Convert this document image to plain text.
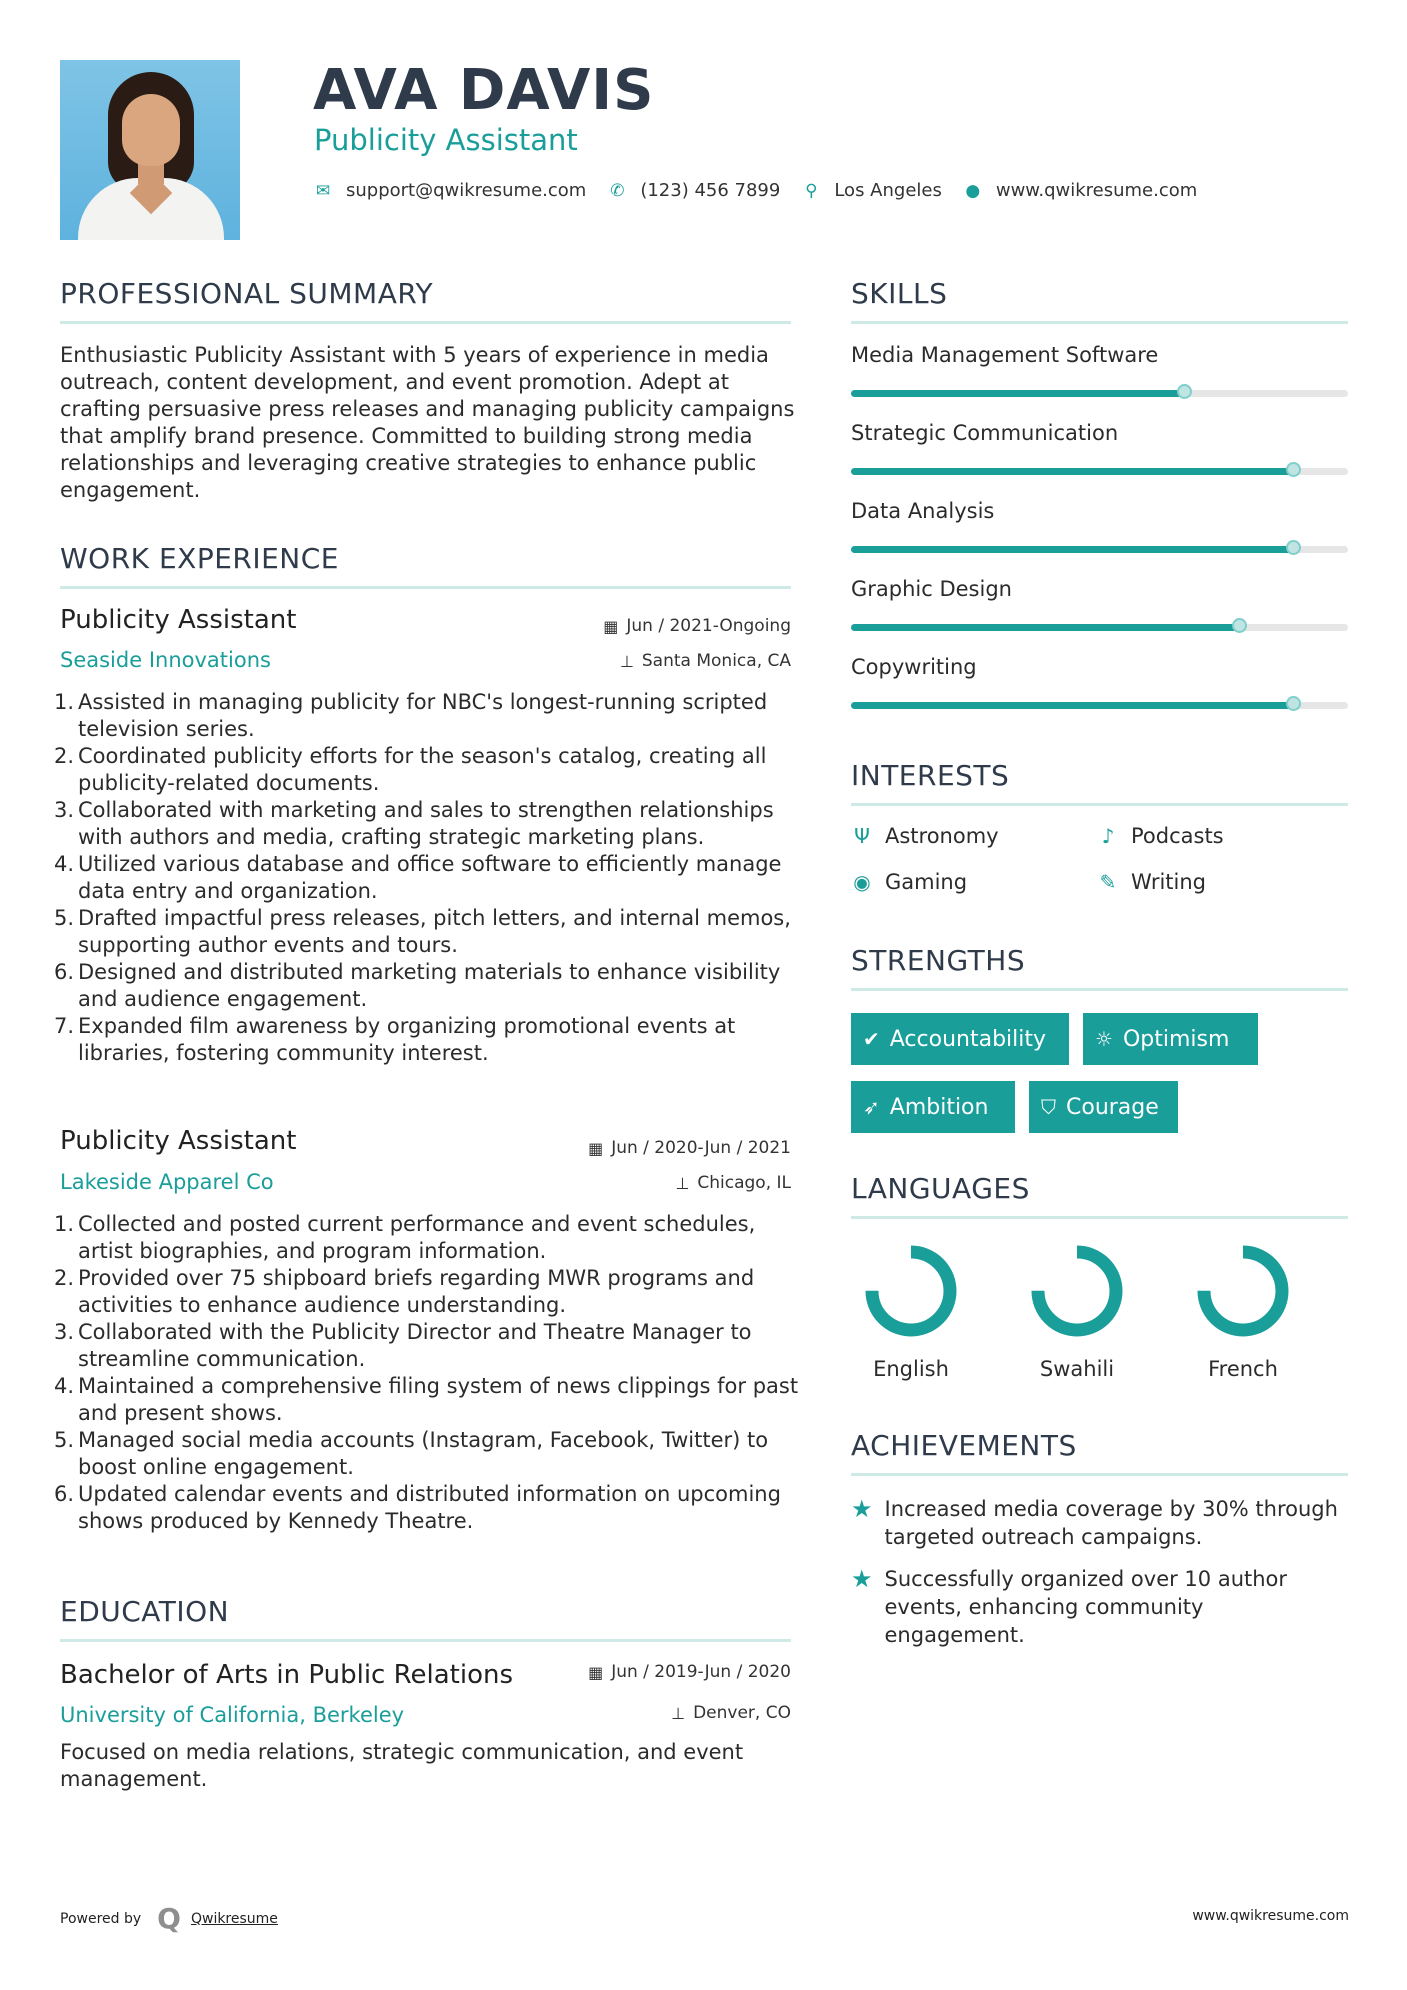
AVA DAVIS
Publicity Assistant
✉ support@qwikresume.com ✆ (123) 456 7899 ⚲ Los Angeles ● www.qwikresume.com
PROFESSIONAL SUMMARY
Enthusiastic Publicity Assistant with 5 years of experience in media outreach, content development, and event promotion. Adept at crafting persuasive press releases and managing publicity campaigns that amplify brand presence. Committed to building strong media relationships and leveraging creative strategies to enhance public engagement.
WORK EXPERIENCE
Publicity Assistant	▦ Jun / 2021-Ongoing
Seaside Innovations	⊥ Santa Monica, CA
1. Assisted in managing publicity for NBC's longest-running scripted television series.
2. Coordinated publicity efforts for the season's catalog, creating all publicity-related documents.
3. Collaborated with marketing and sales to strengthen relationships with authors and media, crafting strategic marketing plans.
4. Utilized various database and office software to efficiently manage data entry and organization.
5. Drafted impactful press releases, pitch letters, and internal memos, supporting author events and tours.
6. Designed and distributed marketing materials to enhance visibility and audience engagement.
7. Expanded film awareness by organizing promotional events at libraries, fostering community interest.
Publicity Assistant	▦ Jun / 2020-Jun / 2021
Lakeside Apparel Co	⊥ Chicago, IL
1. Collected and posted current performance and event schedules, artist biographies, and program information.
2. Provided over 75 shipboard briefs regarding MWR programs and activities to enhance audience understanding.
3. Collaborated with the Publicity Director and Theatre Manager to streamline communication.
4. Maintained a comprehensive filing system of news clippings for past and present shows.
5. Managed social media accounts (Instagram, Facebook, Twitter) to boost online engagement.
6. Updated calendar events and distributed information on upcoming shows produced by Kennedy Theatre.
EDUCATION
Bachelor of Arts in Public Relations	▦ Jun / 2019-Jun / 2020
University of California, Berkeley	⊥ Denver, CO
Focused on media relations, strategic communication, and event management.
SKILLS
Media Management Software
Strategic Communication
Data Analysis
Graphic Design
Copywriting
INTERESTS
Ψ Astronomy	♪ Podcasts
◉ Gaming	✎ Writing
STRENGTHS
✔ Accountability ☼ Optimism
➶ Ambition	⛉ Courage
LANGUAGES
English	Swahili	French
ACHIEVEMENTS
★ Increased media coverage by 30% through targeted outreach campaigns.
★ Successfully organized over 10 author events, enhancing community engagement.
Powered by Q Qwikresume	www.qwikresume.com
